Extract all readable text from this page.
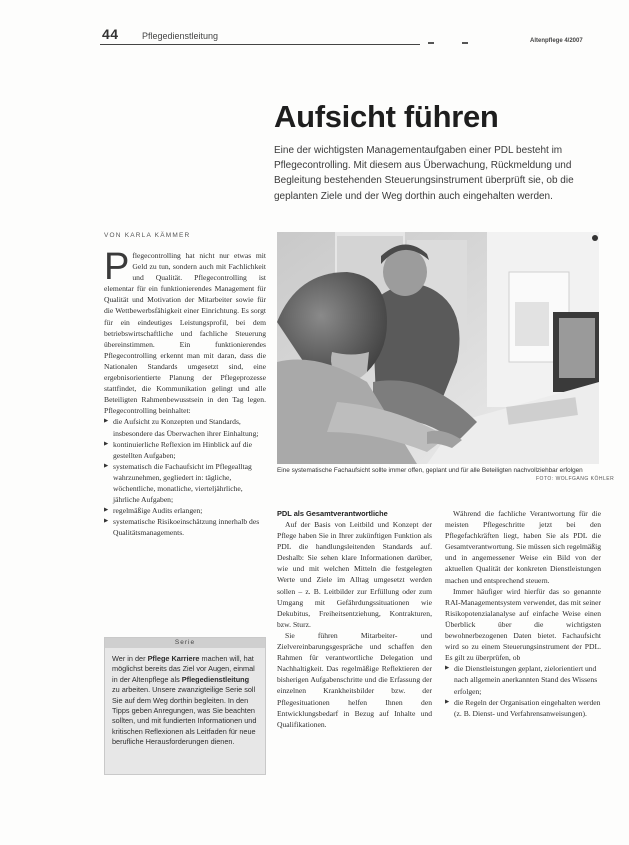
44	Pflegedienstleitung	Altenpflege 4/2007
Aufsicht führen

Eine der wichtigsten Managementaufgaben einer PDL besteht im Pflegecontrolling. Mit diesem aus Überwachung, Rückmeldung und Begleitung bestehenden Steuerungsinstrument überprüft sie, ob die geplanten Ziele und der Weg dorthin auch eingehalten werden.

VON KARLA KÄMMER
P flegecontrolling hat nicht nur etwas mit Geld zu tun, sondern auch mit Fachlichkeit und Qualität. Pflegecontrolling ist elementar für ein funktionierendes Management für Qualität und Motivation der Mitarbeiter sowie für die Wettbewerbsfähigkeit einer Einrichtung. Es sorgt für ein eindeutiges Leistungsprofil, bei dem betriebswirtschaftliche und fachliche Steuerung übereinstimmen. Ein funktionierendes Pflegecontrolling erkennt man mit daran, dass die Nationalen Standards umgesetzt sind, eine ergebnisorientierte Planung der Pflegeprozesse stattfindet, die Kommunikation gelingt und alle Beteiligten Rahmenbewusstsein in den Tag legen. Pflegecontrolling beinhaltet:

▶ die Aufsicht zu Konzepten und Standards, insbesondere das Überwachen ihrer Einhaltung;
▶ kontinuierliche Reflexion im Hinblick auf die gestellten Aufgaben;
▶ systematisch die Fachaufsicht im Pflegealltag wahrzunehmen, gegliedert in: tägliche, wöchentliche, monatliche, vierteljährliche, jährliche Aufgaben;
▶ regelmäßige Audits erlangen;
▶ systematische Risikoeinschätzung innerhalb des Qualitätsmanagements.
Serie
Wer in der Pflege Karriere machen will, hat möglichst bereits das Ziel vor Augen, einmal in der Altenpflege als Pflegedienstleitung zu arbeiten. Unsere zwanzigteilige Serie soll Sie auf dem Weg dorthin begleiten. In den Tipps geben Anregungen, was Sie beachten sollten, und mit fundierten Informationen und kritischen Reflexionen als Leitfaden für neue berufliche Herausforderungen dienen.
Eine systematische Fachaufsicht sollte immer offen, geplant und für alle Beteiligten nachvollziehbar erfolgen
FOTO: WOLFGANG KÖHLER

PDL als Gesamtverantwortliche

Auf der Basis von Leitbild und Konzept der Pflege haben Sie in Ihrer zukünftigen Funktion als PDL die handlungsleitenden Standards auf. Deshalb: Sie sehen klare Informationen darüber, wie und mit welchen Mitteln die festgelegten Werte und Ziele im Alltag umgesetzt werden sollen – z. B. Leitbilder zur Erfüllung oder zum Umgang mit Gefährdungssituationen wie Dekubitus, Freiheitsentziehung, Kontrakturen, bzw. Sturz.

Sie führen Mitarbeiter- und Zielvereinbarungsgespräche und schaffen den Rahmen für verantwortliche Delegation und Nachhaltigkeit. Das regelmäßige Reflektieren der bisherigen Aufgabenschritte und die Erfassung der einzelnen Krankheitsbilder bzw. der Pflegesituationen helfen Ihnen den Entwicklungsbedarf in Bezug auf Inhalte und Qualifikationen.

Während die fachliche Verantwortung für die meisten Pflegeschritte jetzt bei den Pflegefachkräften liegt, haben Sie als PDL die Gesamtverantwortung. Sie müssen sich regelmäßig und in angemessener Weise ein Bild von der aktuellen Qualität der konkreten Dienstleistungen machen und entsprechend steuern.

Immer häufiger wird hierfür das so genannte RAI-Managementsystem verwendet, das mit seiner Risikopotenzialanalyse auf einfache Weise einen Überblick über die wichtigsten bewohnerbezogenen Daten bietet. Fachaufsicht wird so zu einem Steuerungsinstrument der PDL. Es gilt zu überprüfen, ob

▶ die Dienstleistungen geplant, zielorientiert und nach allgemein anerkannten Stand des Wissens erfolgen;
▶ die Regeln der Organisation eingehalten werden (z. B. Dienst- und Verfahrensanweisungen).
